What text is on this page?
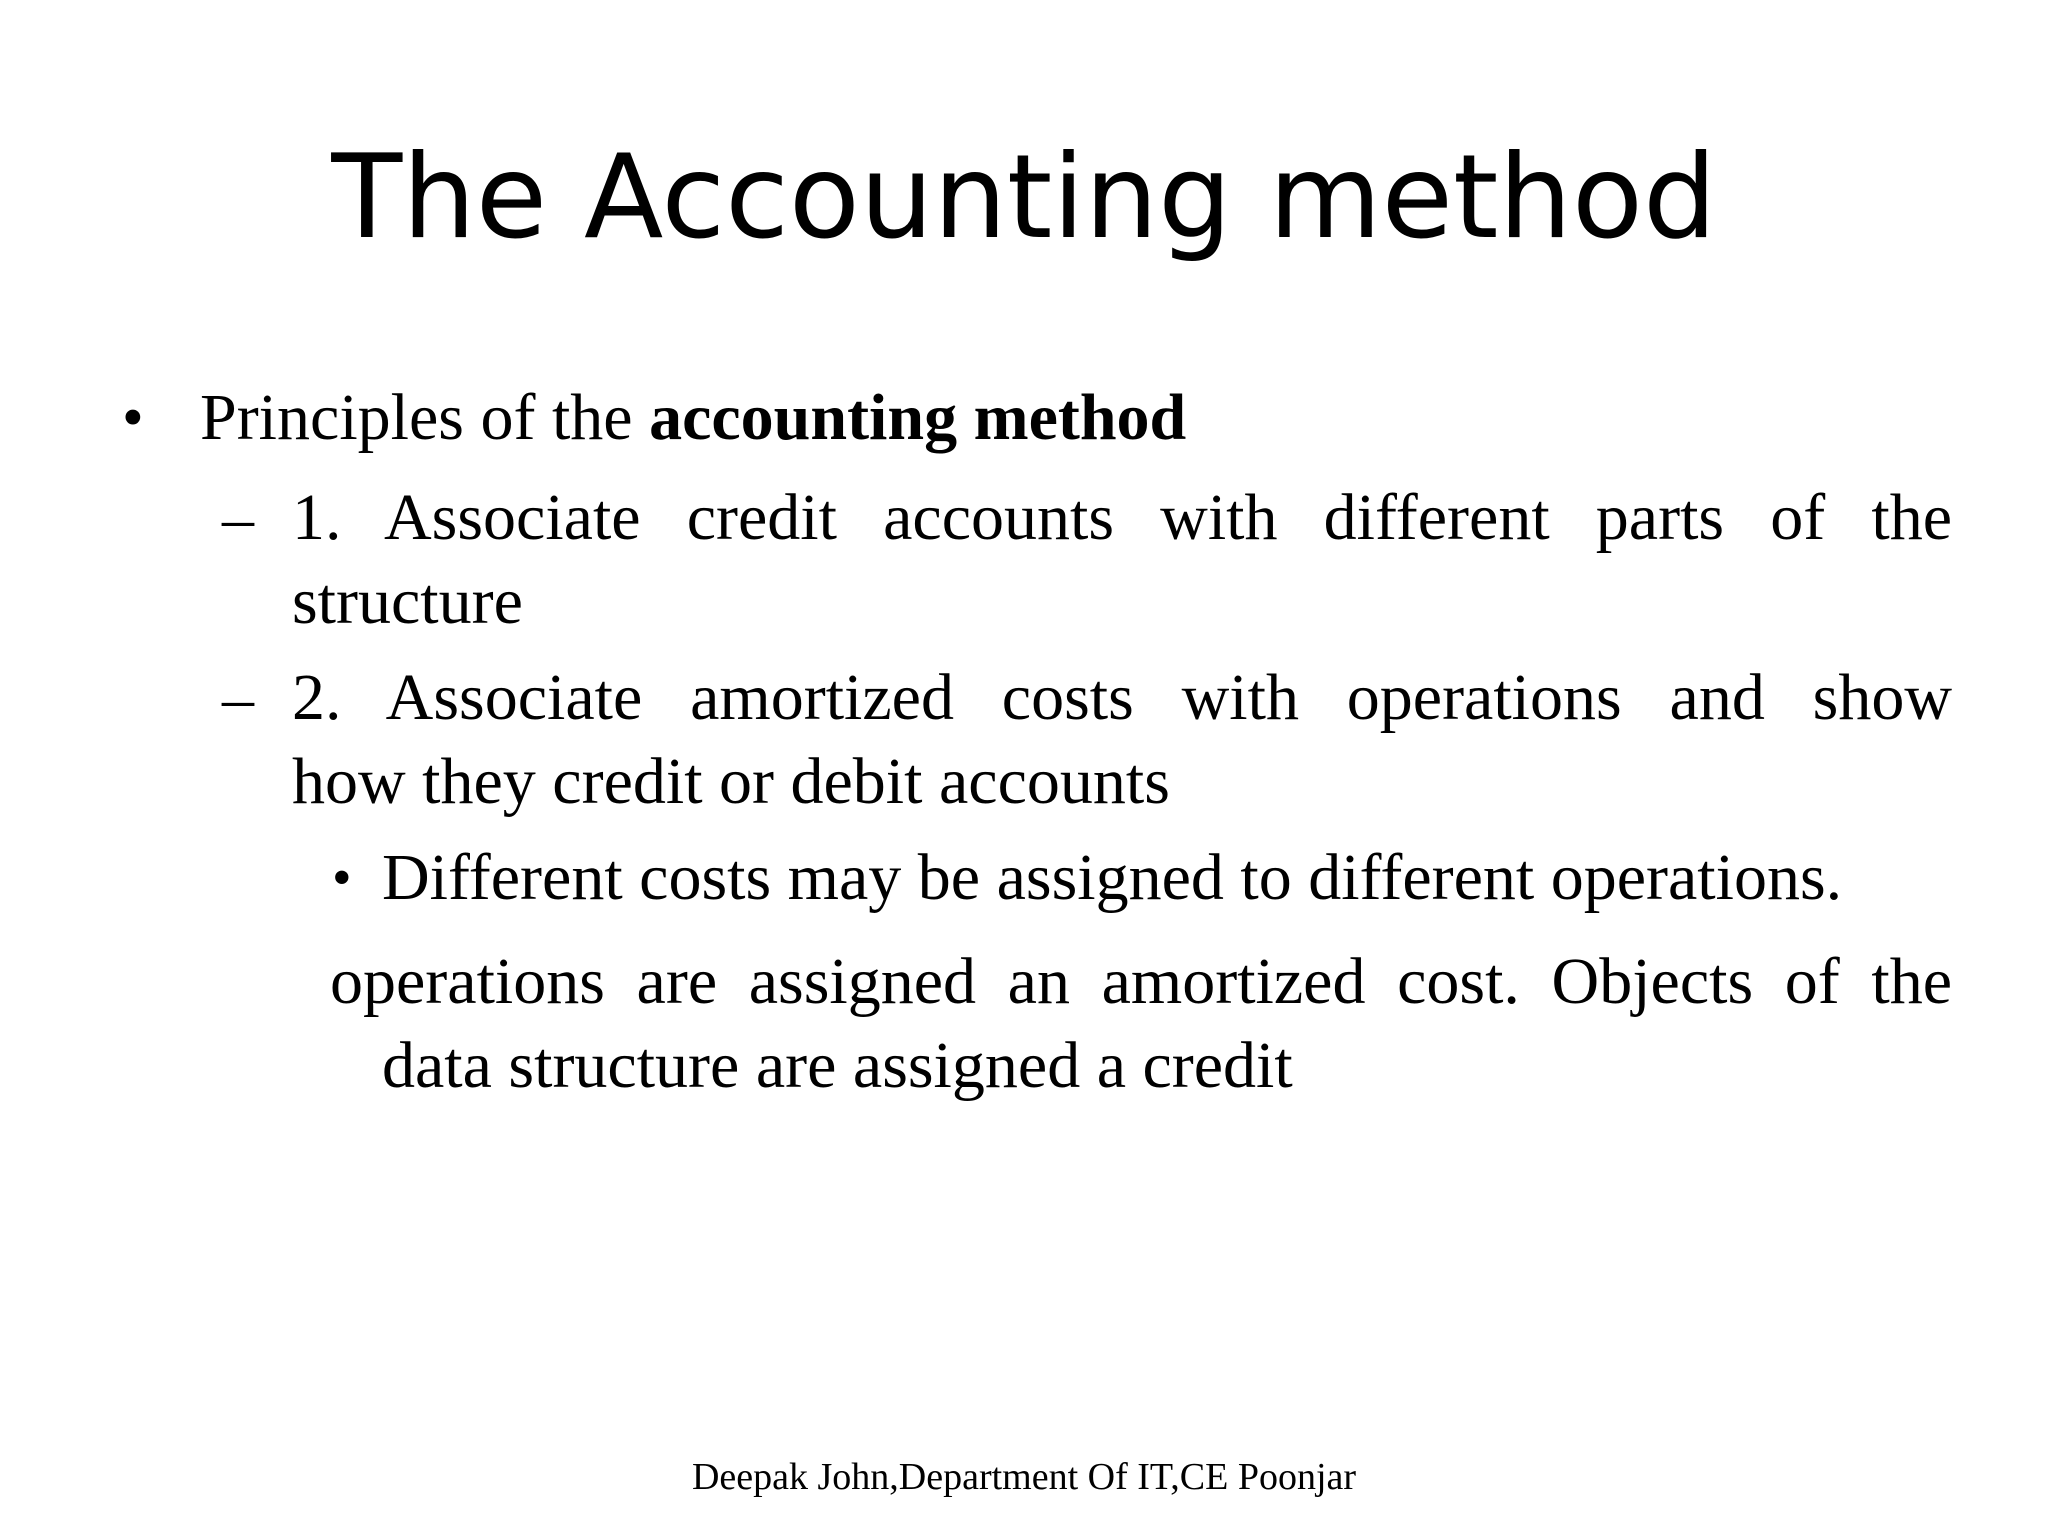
The Accounting method
• Principles of the accounting method
– 1. Associate credit accounts with different parts of the
structure
– 2. Associate amortized costs with operations and show
how they credit or debit accounts
• Different costs may be assigned to different operations.
operations are assigned an amortized cost. Objects of the
data structure are assigned a credit
Deepak John,Department Of IT,CE Poonjar
